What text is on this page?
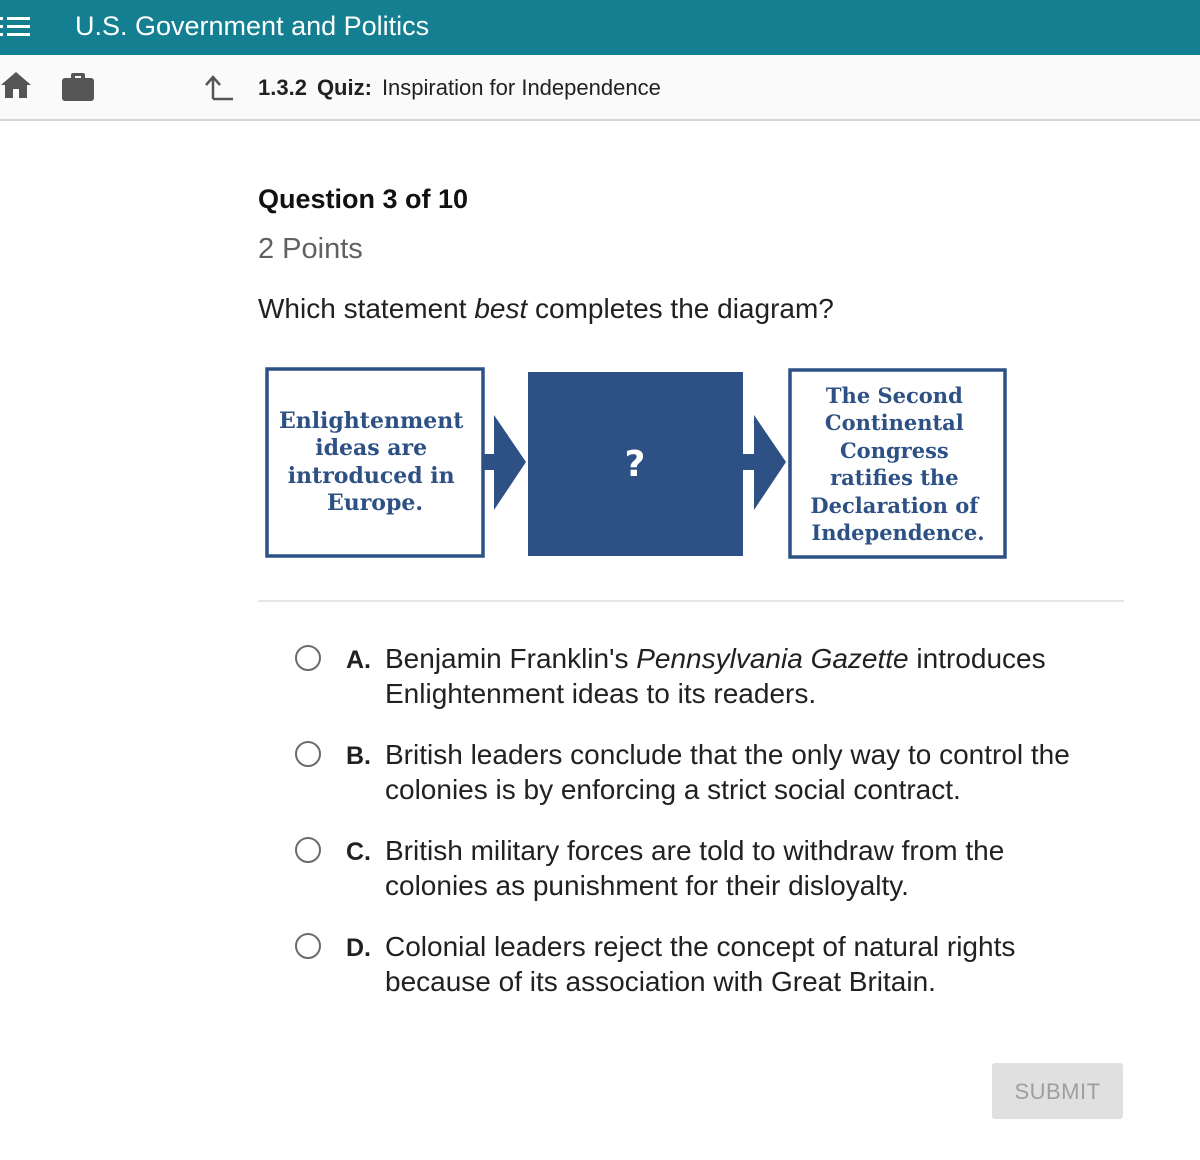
U.S. Government and Politics
1.3.2 Quiz: Inspiration for Independence
Question 3 of 10
2 Points
Which statement best completes the diagram?
Enlightenment ideas are introduced in Europe.
?
The Second Continental Congress ratifies the Declaration of Independence.
A. Benjamin Franklin's Pennsylvania Gazette introduces Enlightenment ideas to its readers.
B. British leaders conclude that the only way to control the colonies is by enforcing a strict social contract.
C. British military forces are told to withdraw from the colonies as punishment for their disloyalty.
D. Colonial leaders reject the concept of natural rights because of its association with Great Britain.
SUBMIT
